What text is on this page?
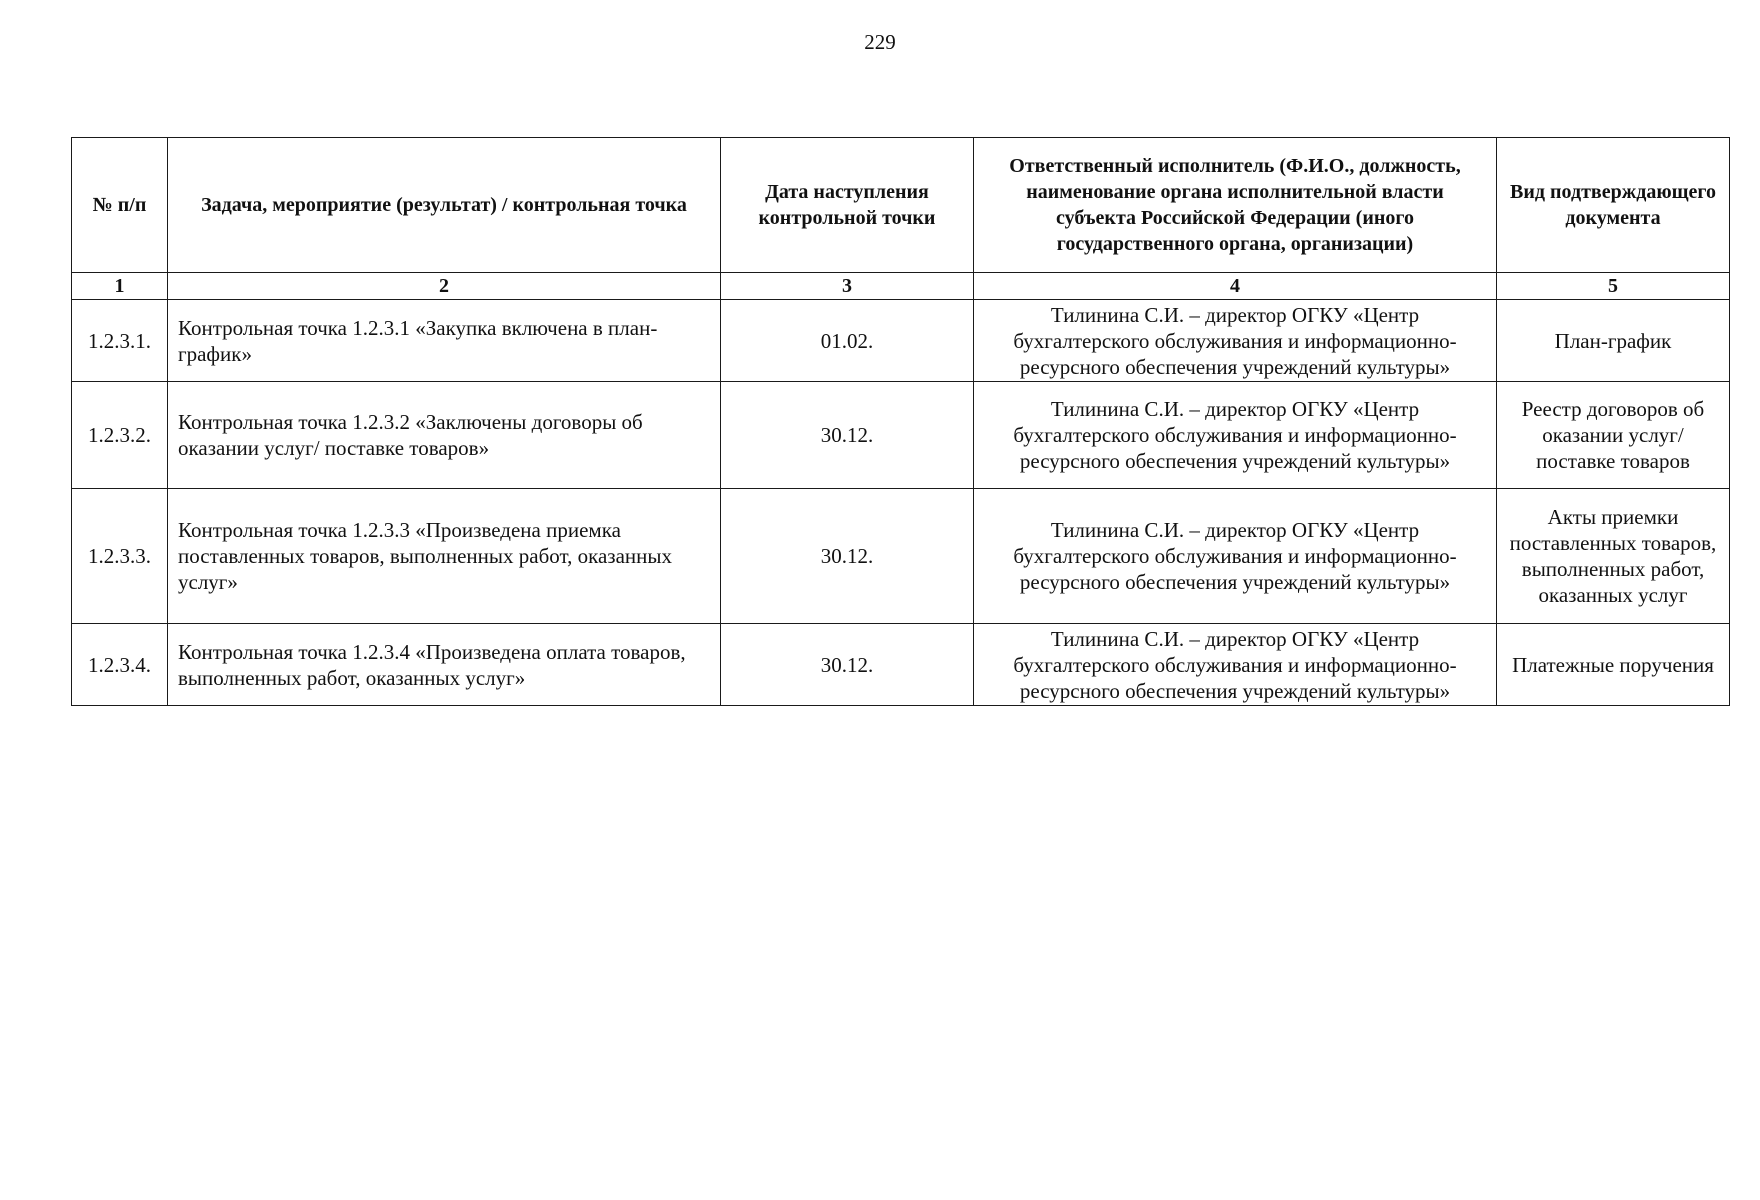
229
№ п/п	Задача, мероприятие (результат) / контрольная точка	Дата наступления контрольной точки	Ответственный исполнитель (Ф.И.О., должность, наименование органа исполнительной власти субъекта Российской Федерации (иного государственного органа, организации)	Вид подтверждающего документа
1	2	3	4	5
1.2.3.1.	Контрольная точка 1.2.3.1 «Закупка включена в план-график»	01.02.	Тилинина С.И. – директор ОГКУ «Центр бухгалтерского обслуживания и информационно-ресурсного обеспечения учреждений культуры»	План-график
1.2.3.2.	Контрольная точка 1.2.3.2 «Заключены договоры об оказании услуг/ поставке товаров»	30.12.	Тилинина С.И. – директор ОГКУ «Центр бухгалтерского обслуживания и информационно-ресурсного обеспечения учреждений культуры»	Реестр договоров об оказании услуг/поставке товаров
1.2.3.3.	Контрольная точка 1.2.3.3 «Произведена приемка поставленных товаров, выполненных работ, оказанных услуг»	30.12.	Тилинина С.И. – директор ОГКУ «Центр бухгалтерского обслуживания и информационно-ресурсного обеспечения учреждений культуры»	Акты приемки поставленных товаров, выполненных работ, оказанных услуг
1.2.3.4.	Контрольная точка 1.2.3.4 «Произведена оплата товаров, выполненных работ, оказанных услуг»	30.12.	Тилинина С.И. – директор ОГКУ «Центр бухгалтерского обслуживания и информационно-ресурсного обеспечения учреждений культуры»	Платежные поручения
